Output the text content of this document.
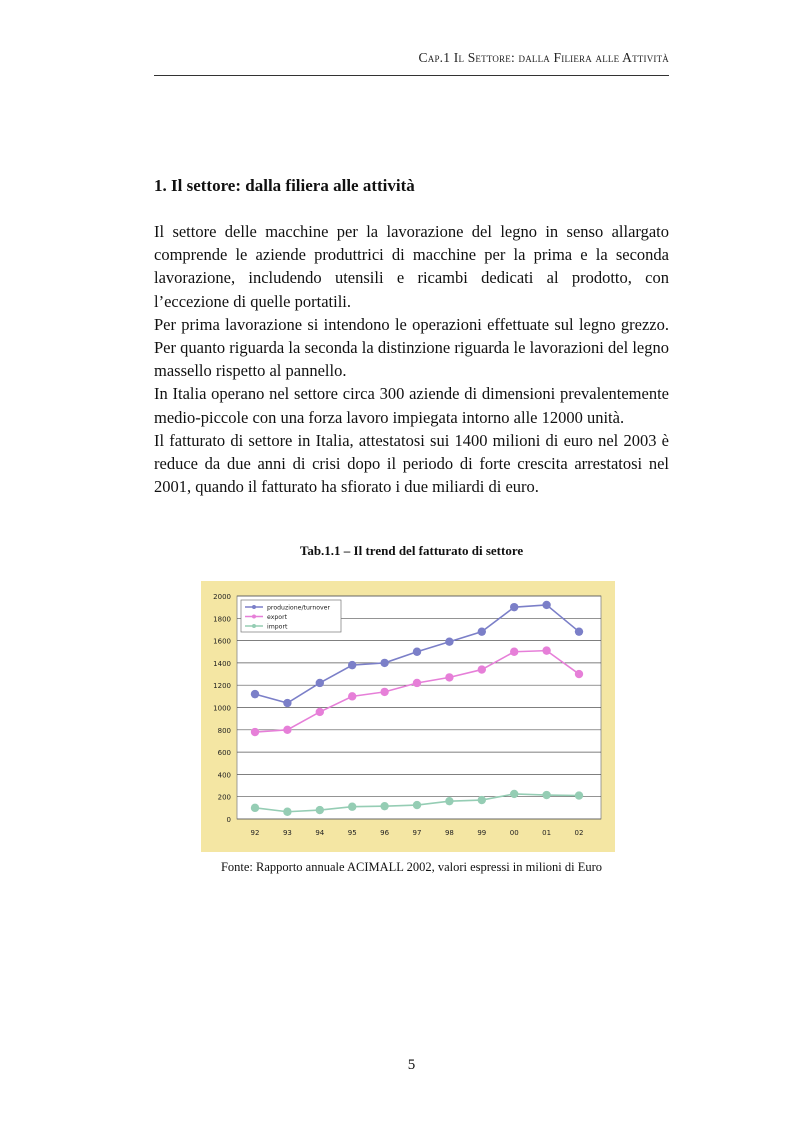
Cap.1 Il Settore: dalla Filiera alle Attività
1. Il settore: dalla filiera alle attività

Il settore delle macchine per la lavorazione del legno in senso allargato comprende le aziende produttrici di macchine per la prima e la seconda lavorazione, includendo utensili e ricambi dedicati al prodotto, con l’eccezione di quelle portatili.

Per prima lavorazione si intendono le operazioni effettuate sul legno grezzo. Per quanto riguarda la seconda la distinzione riguarda le lavorazioni del legno massello rispetto al pannello.

In Italia operano nel settore circa 300 aziende di dimensioni prevalentemente medio-piccole con una forza lavoro impiegata intorno alle 12000 unità.

Il fatturato di settore in Italia, attestatosi sui 1400 milioni di euro nel 2003 è reduce da due anni di crisi dopo il periodo di forte crescita arrestatosi nel 2001, quando il fatturato ha sfiorato i due miliardi di euro.

Tab.1.1 – Il trend del fatturato di settore
0
200
400
600
800
1000
1200
1400
1600
1800
2000
92	93	94	95	96	97	98	99	00	01	02
produzione/turnover
export
import
Fonte: Rapporto annuale ACIMALL 2002, valori espressi in milioni di Euro
5
